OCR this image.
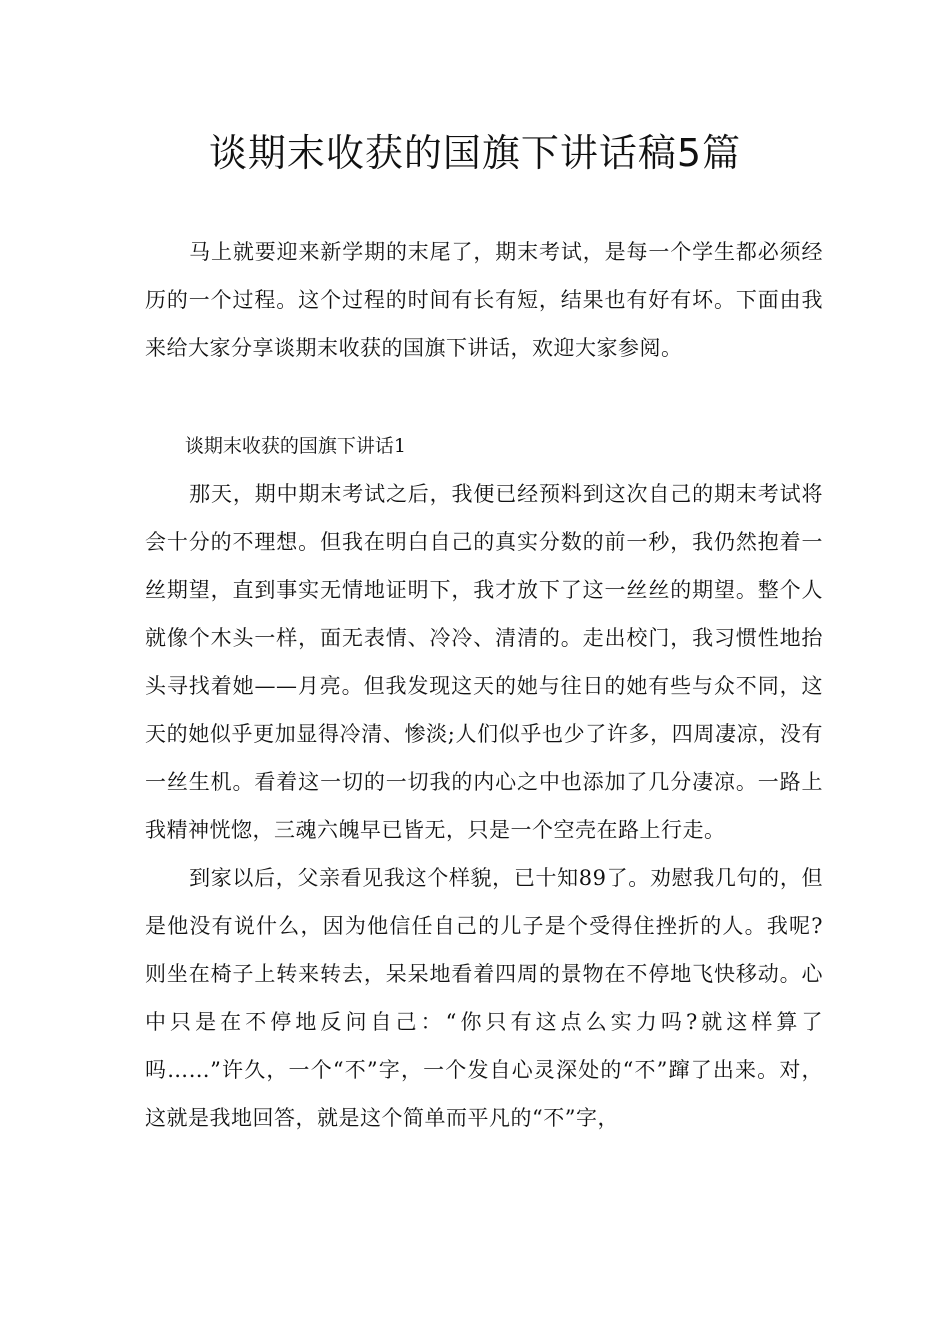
谈期末收获的国旗下讲话稿5篇

马上就要迎来新学期的末尾了，期末考试，是每一个学生都必须经历的一个过程。这个过程的时间有长有短，结果也有好有坏。下面由我来给大家分享谈期末收获的国旗下讲话，欢迎大家参阅。

谈期末收获的国旗下讲话1

那天，期中期末考试之后，我便已经预料到这次自己的期末考试将会十分的不理想。但我在明白自己的真实分数的前一秒，我仍然抱着一丝期望，直到事实无情地证明下，我才放下了这一丝丝的期望。整个人就像个木头一样，面无表情、冷冷、清清的。走出校门，我习惯性地抬头寻找着她——月亮。但我发现这天的她与往日的她有些与众不同，这天的她似乎更加显得冷清、惨淡;人们似乎也少了许多，四周凄凉，没有一丝生机。看着这一切的一切我的内心之中也添加了几分凄凉。一路上我精神恍惚，三魂六魄早已皆无，只是一个空壳在路上行走。

到家以后，父亲看见我这个样貌，已十知89了。劝慰我几句的，但是他没有说什么，因为他信任自己的儿子是个受得住挫折的人。我呢?则坐在椅子上转来转去，呆呆地看着四周的景物在不停地飞快移动。心中只是在不停地反问自己：“你只有这点么实力吗?就这样算了吗……”许久，一个“不”字，一个发自心灵深处的“不”蹿了出来。对，这就是我地回答，就是这个简单而平凡的“不”字，
